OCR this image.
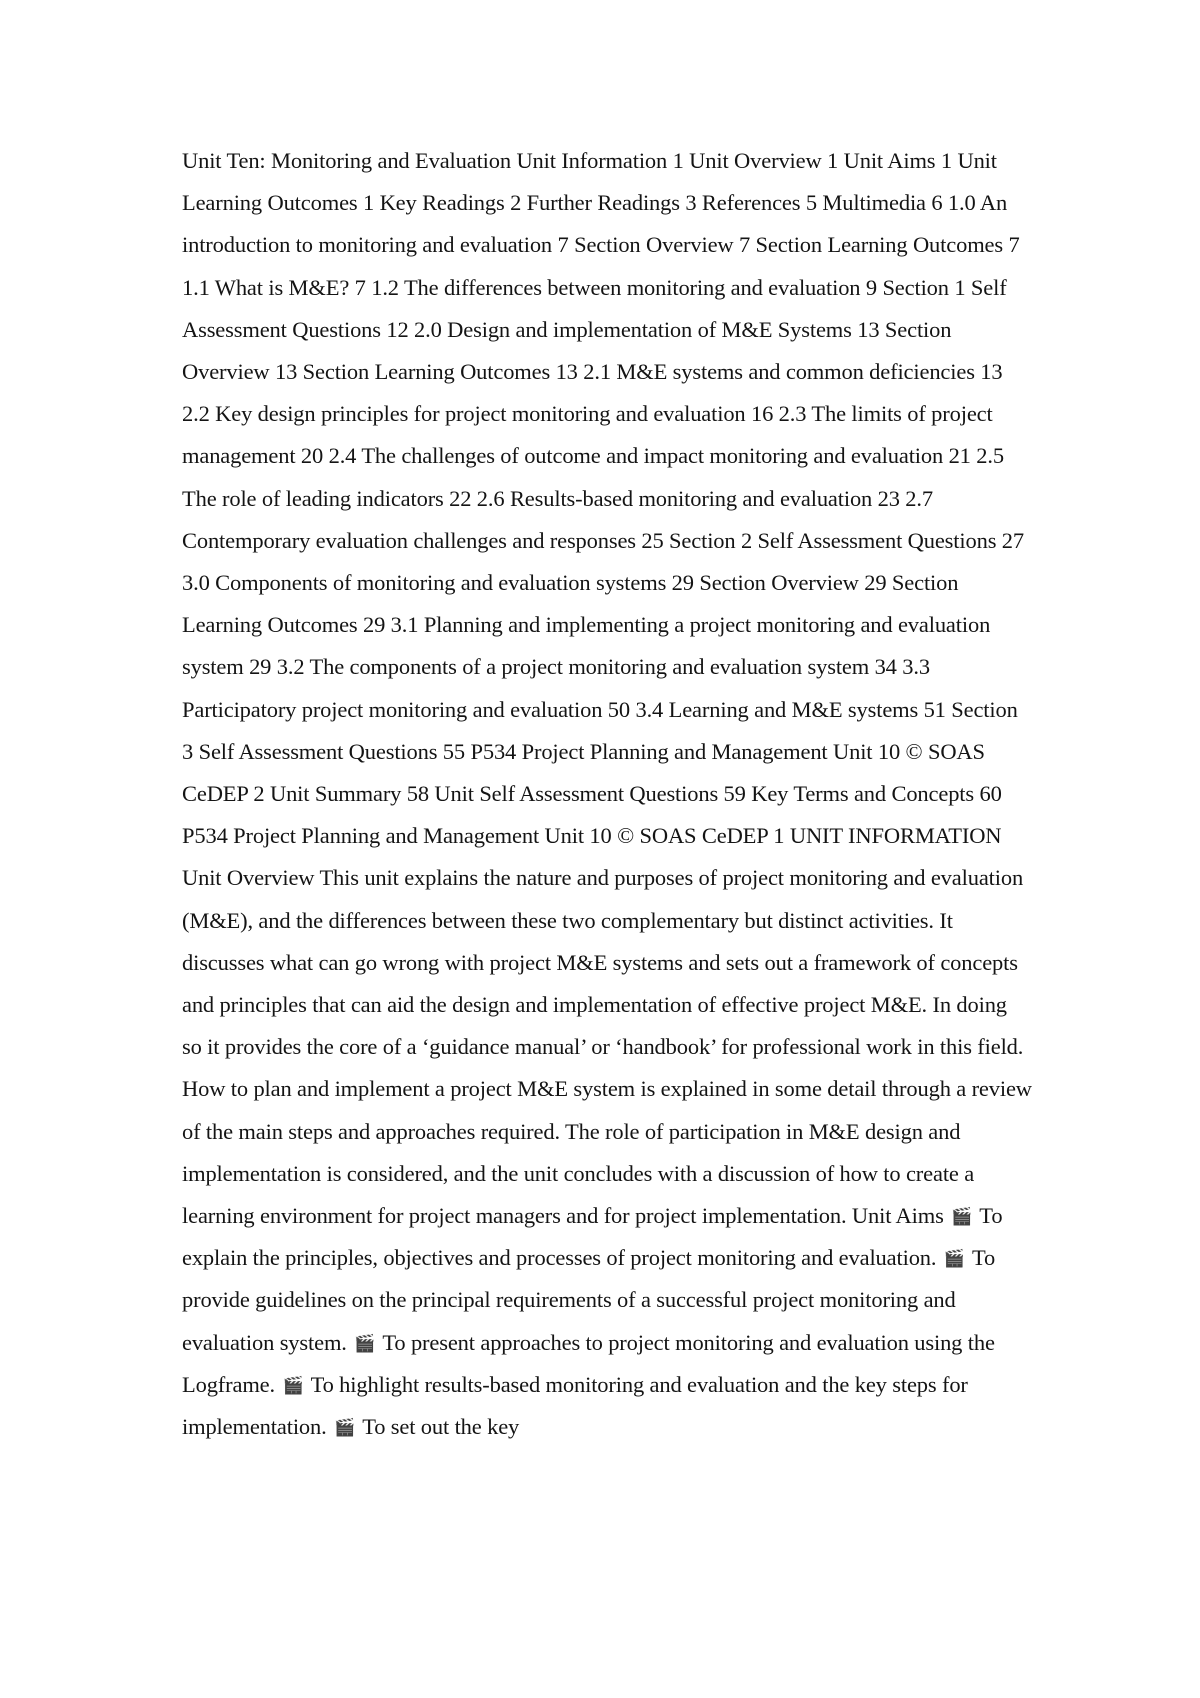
Unit Ten: Monitoring and Evaluation Unit Information 1 Unit Overview 1 Unit Aims 1 Unit Learning Outcomes 1 Key Readings 2 Further Readings 3 References 5 Multimedia 6 1.0 An introduction to monitoring and evaluation 7 Section Overview 7 Section Learning Outcomes 7 1.1 What is M&E? 7 1.2 The differences between monitoring and evaluation 9 Section 1 Self Assessment Questions 12 2.0 Design and implementation of M&E Systems 13 Section Overview 13 Section Learning Outcomes 13 2.1 M&E systems and common deficiencies 13 2.2 Key design principles for project monitoring and evaluation 16 2.3 The limits of project management 20 2.4 The challenges of outcome and impact monitoring and evaluation 21 2.5 The role of leading indicators 22 2.6 Results-based monitoring and evaluation 23 2.7 Contemporary evaluation challenges and responses 25 Section 2 Self Assessment Questions 27 3.0 Components of monitoring and evaluation systems 29 Section Overview 29 Section Learning Outcomes 29 3.1 Planning and implementing a project monitoring and evaluation system 29 3.2 The components of a project monitoring and evaluation system 34 3.3 Participatory project monitoring and evaluation 50 3.4 Learning and M&E systems 51 Section 3 Self Assessment Questions 55 P534 Project Planning and Management Unit 10 © SOAS CeDEP 2 Unit Summary 58 Unit Self Assessment Questions 59 Key Terms and Concepts 60 P534 Project Planning and Management Unit 10 © SOAS CeDEP 1 UNIT INFORMATION Unit Overview This unit explains the nature and purposes of project monitoring and evaluation (M&E), and the differences between these two complementary but distinct activities. It discusses what can go wrong with project M&E systems and sets out a framework of concepts and principles that can aid the design and implementation of effective project M&E. In doing so it provides the core of a ‘guidance manual’ or ‘handbook’ for professional work in this field. How to plan and implement a project M&E system is explained in some detail through a review of the main steps and approaches required. The role of participation in M&E design and implementation is considered, and the unit concludes with a discussion of how to create a learning environment for project managers and for project implementation. Unit Aims 🎬 To explain the principles, objectives and processes of project monitoring and evaluation. 🎬 To provide guidelines on the principal requirements of a successful project monitoring and evaluation system. 🎬 To present approaches to project monitoring and evaluation using the Logframe. 🎬 To highlight results-based monitoring and evaluation and the key steps for implementation. 🎬 To set out the key
